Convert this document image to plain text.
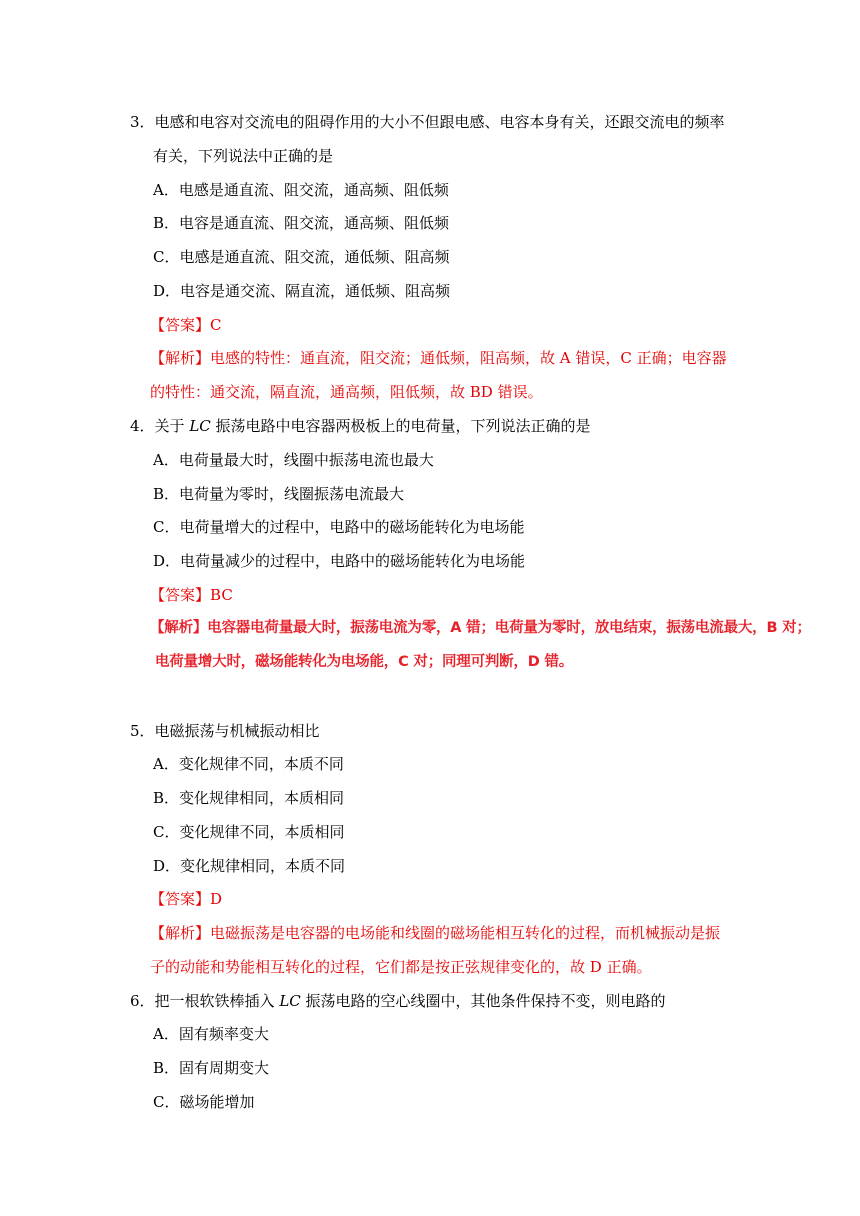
3．电感和电容对交流电的阻碍作用的大小不但跟电感、电容本身有关，还跟交流电的频率
有关，下列说法中正确的是
A．电感是通直流、阻交流，通高频、阻低频
B．电容是通直流、阻交流，通高频、阻低频
C．电感是通直流、阻交流，通低频、阻高频
D．电容是通交流、隔直流，通低频、阻高频
【答案】C
【解析】电感的特性：通直流，阻交流；通低频，阻高频，故 A 错误，C 正确；电容器
的特性：通交流，隔直流，通高频，阻低频，故 BD 错误。
4．关于 LC 振荡电路中电容器两极板上的电荷量，下列说法正确的是
A．电荷量最大时，线圈中振荡电流也最大
B．电荷量为零时，线圈振荡电流最大
C．电荷量增大的过程中，电路中的磁场能转化为电场能
D．电荷量减少的过程中，电路中的磁场能转化为电场能
【答案】BC
【解析】电容器电荷量最大时，振荡电流为零，A 错；电荷量为零时，放电结束，振荡电流最大，B 对；
电荷量增大时，磁场能转化为电场能，C 对；同理可判断，D 错。
5．电磁振荡与机械振动相比
A．变化规律不同，本质不同
B．变化规律相同，本质相同
C．变化规律不同，本质相同
D．变化规律相同，本质不同
【答案】D
【解析】电磁振荡是电容器的电场能和线圈的磁场能相互转化的过程，而机械振动是振
子的动能和势能相互转化的过程，它们都是按正弦规律变化的，故 D 正确。
6．把一根软铁棒插入 LC 振荡电路的空心线圈中，其他条件保持不变，则电路的
A．固有频率变大
B．固有周期变大
C．磁场能增加
